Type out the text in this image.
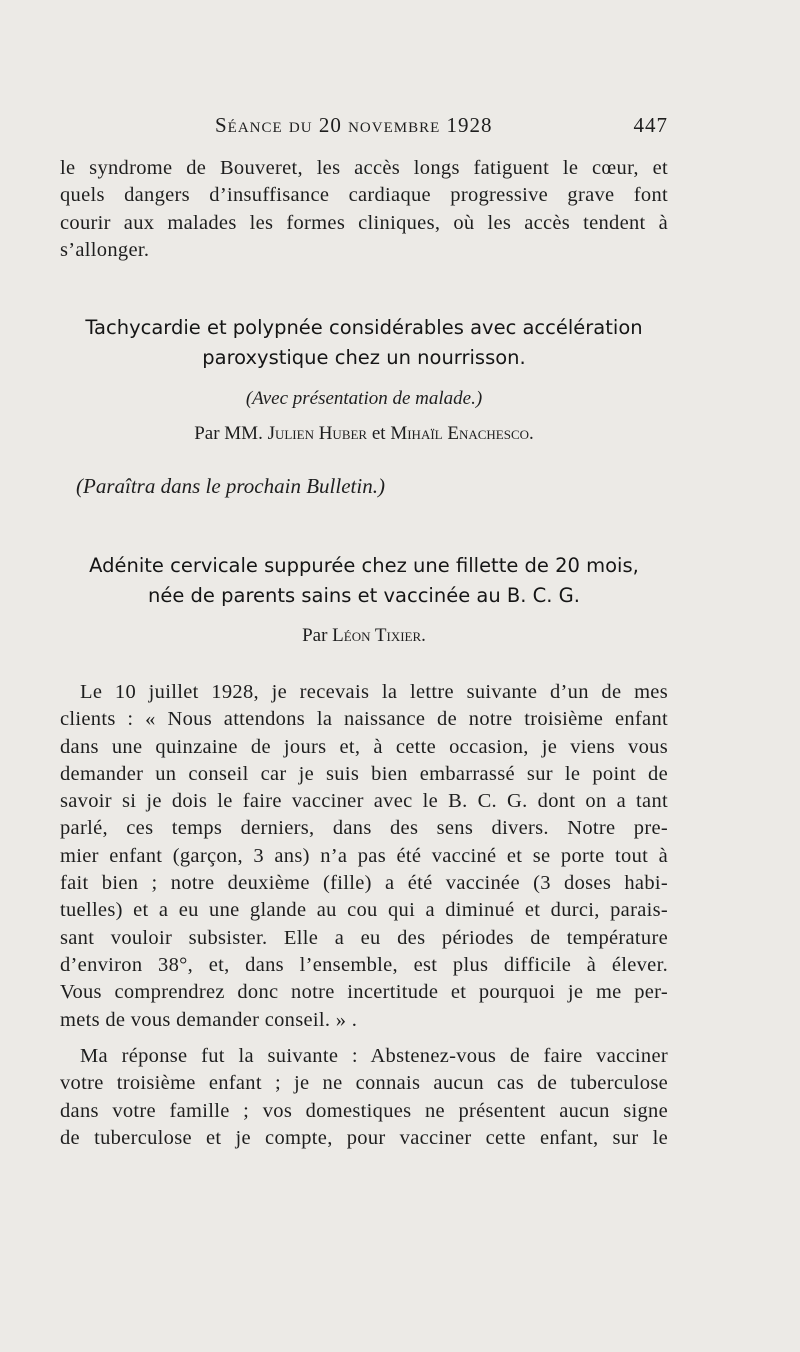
Séance du 20 novembre 1928	447
le syndrome de Bouveret, les accès longs fatiguent le cœur, et
quels dangers d’insuffisance cardiaque progressive grave font
courir aux malades les formes cliniques, où les accès tendent à
s’allonger.
Tachycardie et polypnée considérables avec accélération
paroxystique chez un nourrisson.
(Avec présentation de malade.)
Par MM. Julien Huber et Mihaïl Enachesco.
(Paraîtra dans le prochain Bulletin.)
Adénite cervicale suppurée chez une fillette de 20 mois,
née de parents sains et vaccinée au B. C. G.
Par Léon Tixier.
Le 10 juillet 1928, je recevais la lettre suivante d’un de mes
clients : « Nous attendons la naissance de notre troisième enfant
dans une quinzaine de jours et, à cette occasion, je viens vous
demander un conseil car je suis bien embarrassé sur le point de
savoir si je dois le faire vacciner avec le B. C. G. dont on a tant
parlé, ces temps derniers, dans des sens divers. Notre pre-
mier enfant (garçon, 3 ans) n’a pas été vacciné et se porte tout à
fait bien ; notre deuxième (fille) a été vaccinée (3 doses habi-
tuelles) et a eu une glande au cou qui a diminué et durci, parais-
sant vouloir subsister. Elle a eu des périodes de température
d’environ 38°, et, dans l’ensemble, est plus difficile à élever.
Vous comprendrez donc notre incertitude et pourquoi je me per-
mets de vous demander conseil. » .
Ma réponse fut la suivante : Abstenez-vous de faire vacciner
votre troisième enfant ; je ne connais aucun cas de tuberculose
dans votre famille ; vos domestiques ne présentent aucun signe
de tuberculose et je compte, pour vacciner cette enfant, sur le
